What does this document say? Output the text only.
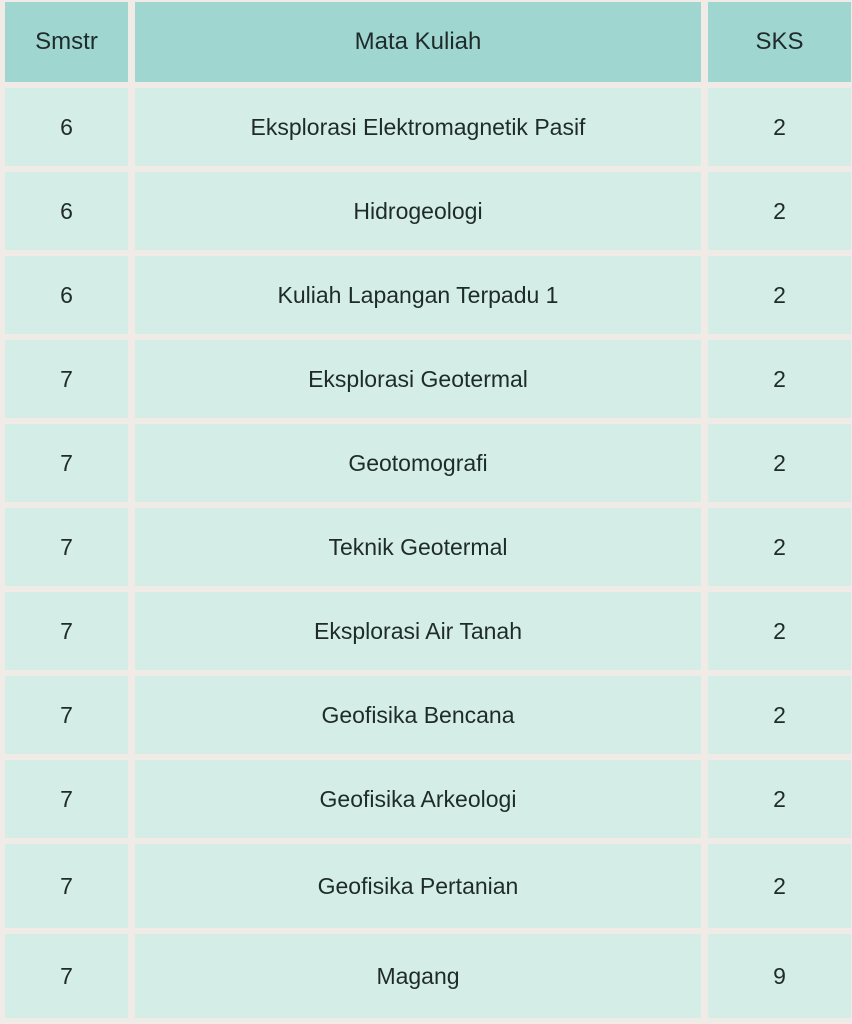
Smstr	Mata Kuliah	SKS
6	Eksplorasi Elektromagnetik Pasif	2
6	Hidrogeologi	2
6	Kuliah Lapangan Terpadu 1	2
7	Eksplorasi Geotermal	2
7	Geotomografi	2
7	Teknik Geotermal	2
7	Eksplorasi Air Tanah	2
7	Geofisika Bencana	2
7	Geofisika Arkeologi	2
7	Geofisika Pertanian	2
7	Magang	9
